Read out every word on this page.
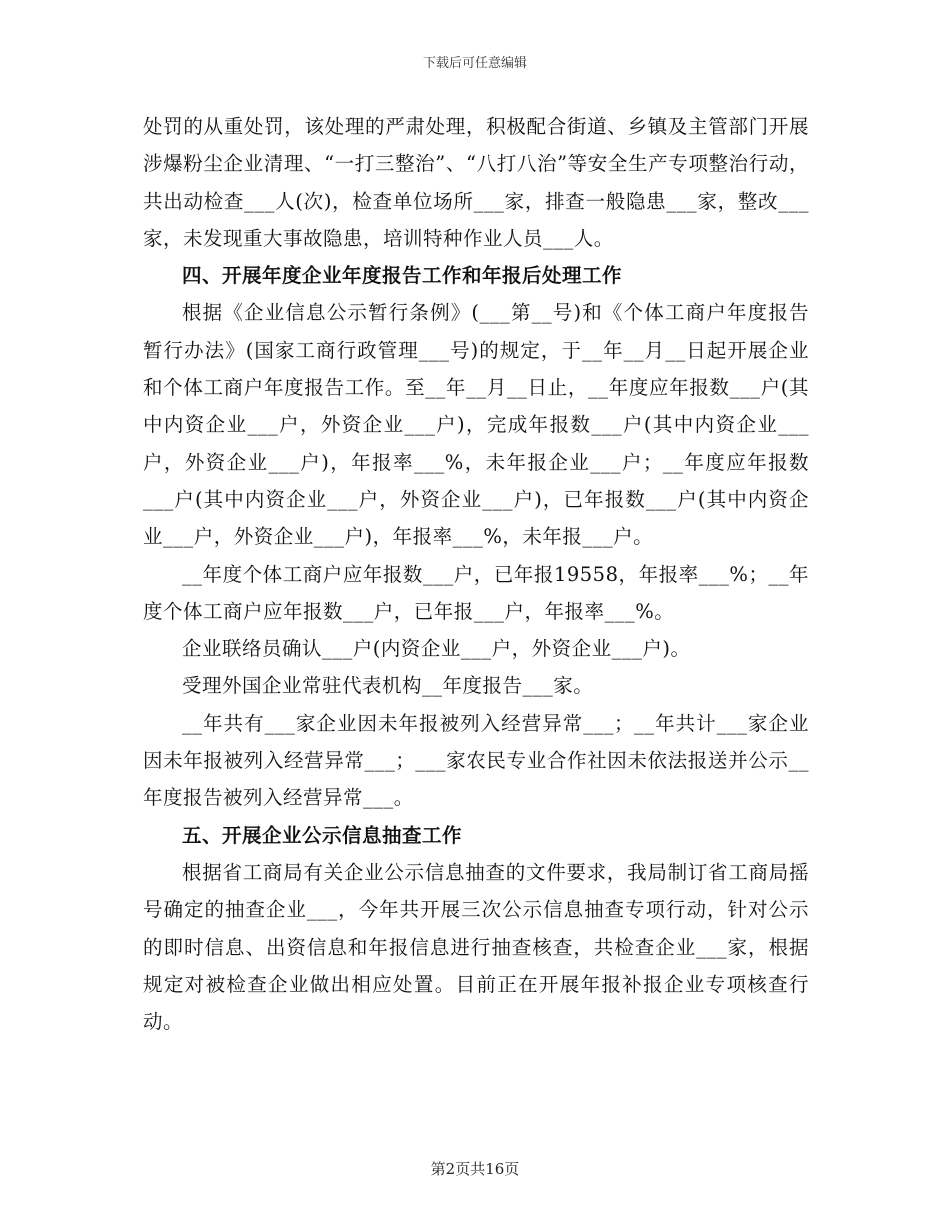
下载后可任意编辑

处罚的从重处罚，该处理的严肃处理，积极配合街道、乡镇及主管部门开展涉爆粉尘企业清理、“一打三整治”、“八打八治”等安全生产专项整治行动，共出动检查___人(次)，检查单位场所___家，排查一般隐患___家，整改___家，未发现重大事故隐患，培训特种作业人员___人。

四、开展年度企业年度报告工作和年报后处理工作

根据《企业信息公示暂行条例》(___第__号)和《个体工商户年度报告暂行办法》(国家工商行政管理___号)的规定，于__年__月__日起开展企业和个体工商户年度报告工作。至__年__月__日止，__年度应年报数___户(其中内资企业___户，外资企业___户)，完成年报数___户(其中内资企业___户，外资企业___户)，年报率___%，未年报企业___户；__年度应年报数___户(其中内资企业___户，外资企业___户)，已年报数___户(其中内资企业___户，外资企业___户)，年报率___%，未年报___户。

__年度个体工商户应年报数___户，已年报19558，年报率___%；__年度个体工商户应年报数___户，已年报___户，年报率___%。

企业联络员确认___户(内资企业___户，外资企业___户)。

受理外国企业常驻代表机构__年度报告___家。

__年共有___家企业因未年报被列入经营异常___；__年共计___家企业因未年报被列入经营异常___；___家农民专业合作社因未依法报送并公示__年度报告被列入经营异常___。

五、开展企业公示信息抽查工作

根据省工商局有关企业公示信息抽查的文件要求，我局制订省工商局摇号确定的抽查企业___，今年共开展三次公示信息抽查专项行动，针对公示的即时信息、出资信息和年报信息进行抽查核查，共检查企业___家，根据规定对被检查企业做出相应处置。目前正在开展年报补报企业专项核查行动。

第2页共16页
